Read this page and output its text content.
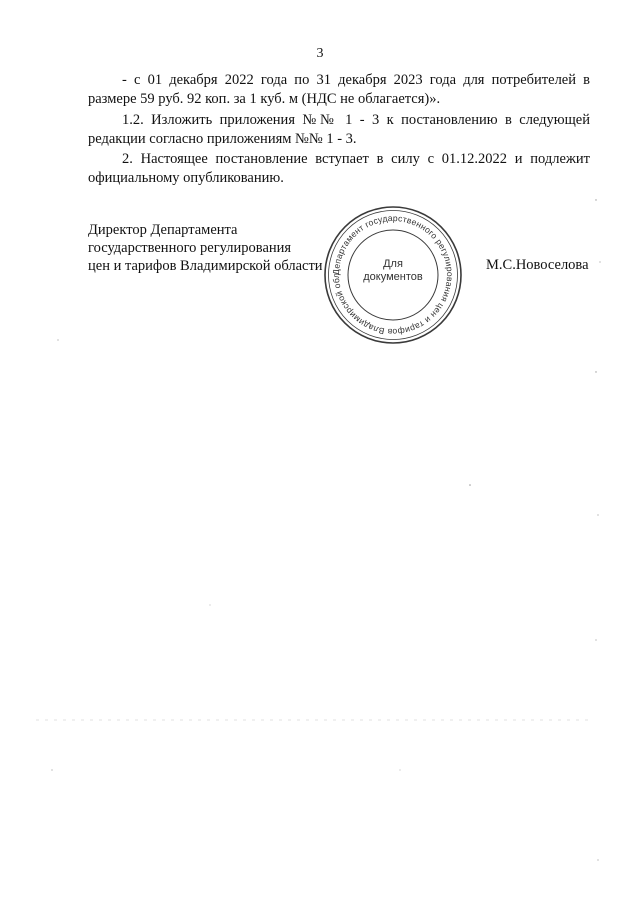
3

- с 01 декабря 2022 года по 31 декабря 2023 года для потребителей в размере 59 руб. 92 коп. за 1 куб. м (НДС не облагается)».

1.2. Изложить приложения №№ 1 - 3 к постановлению в следующей редакции согласно приложениям №№ 1 - 3.

2. Настоящее постановление вступает в силу с 01.12.2022 и подлежит официальному опубликованию.

Директор Департамента
государственного регулирования
цен и тарифов Владимирской области Департамент государственного регулирования цен и тарифов Владимирской обл
Для
документов
М.С.Новоселова
